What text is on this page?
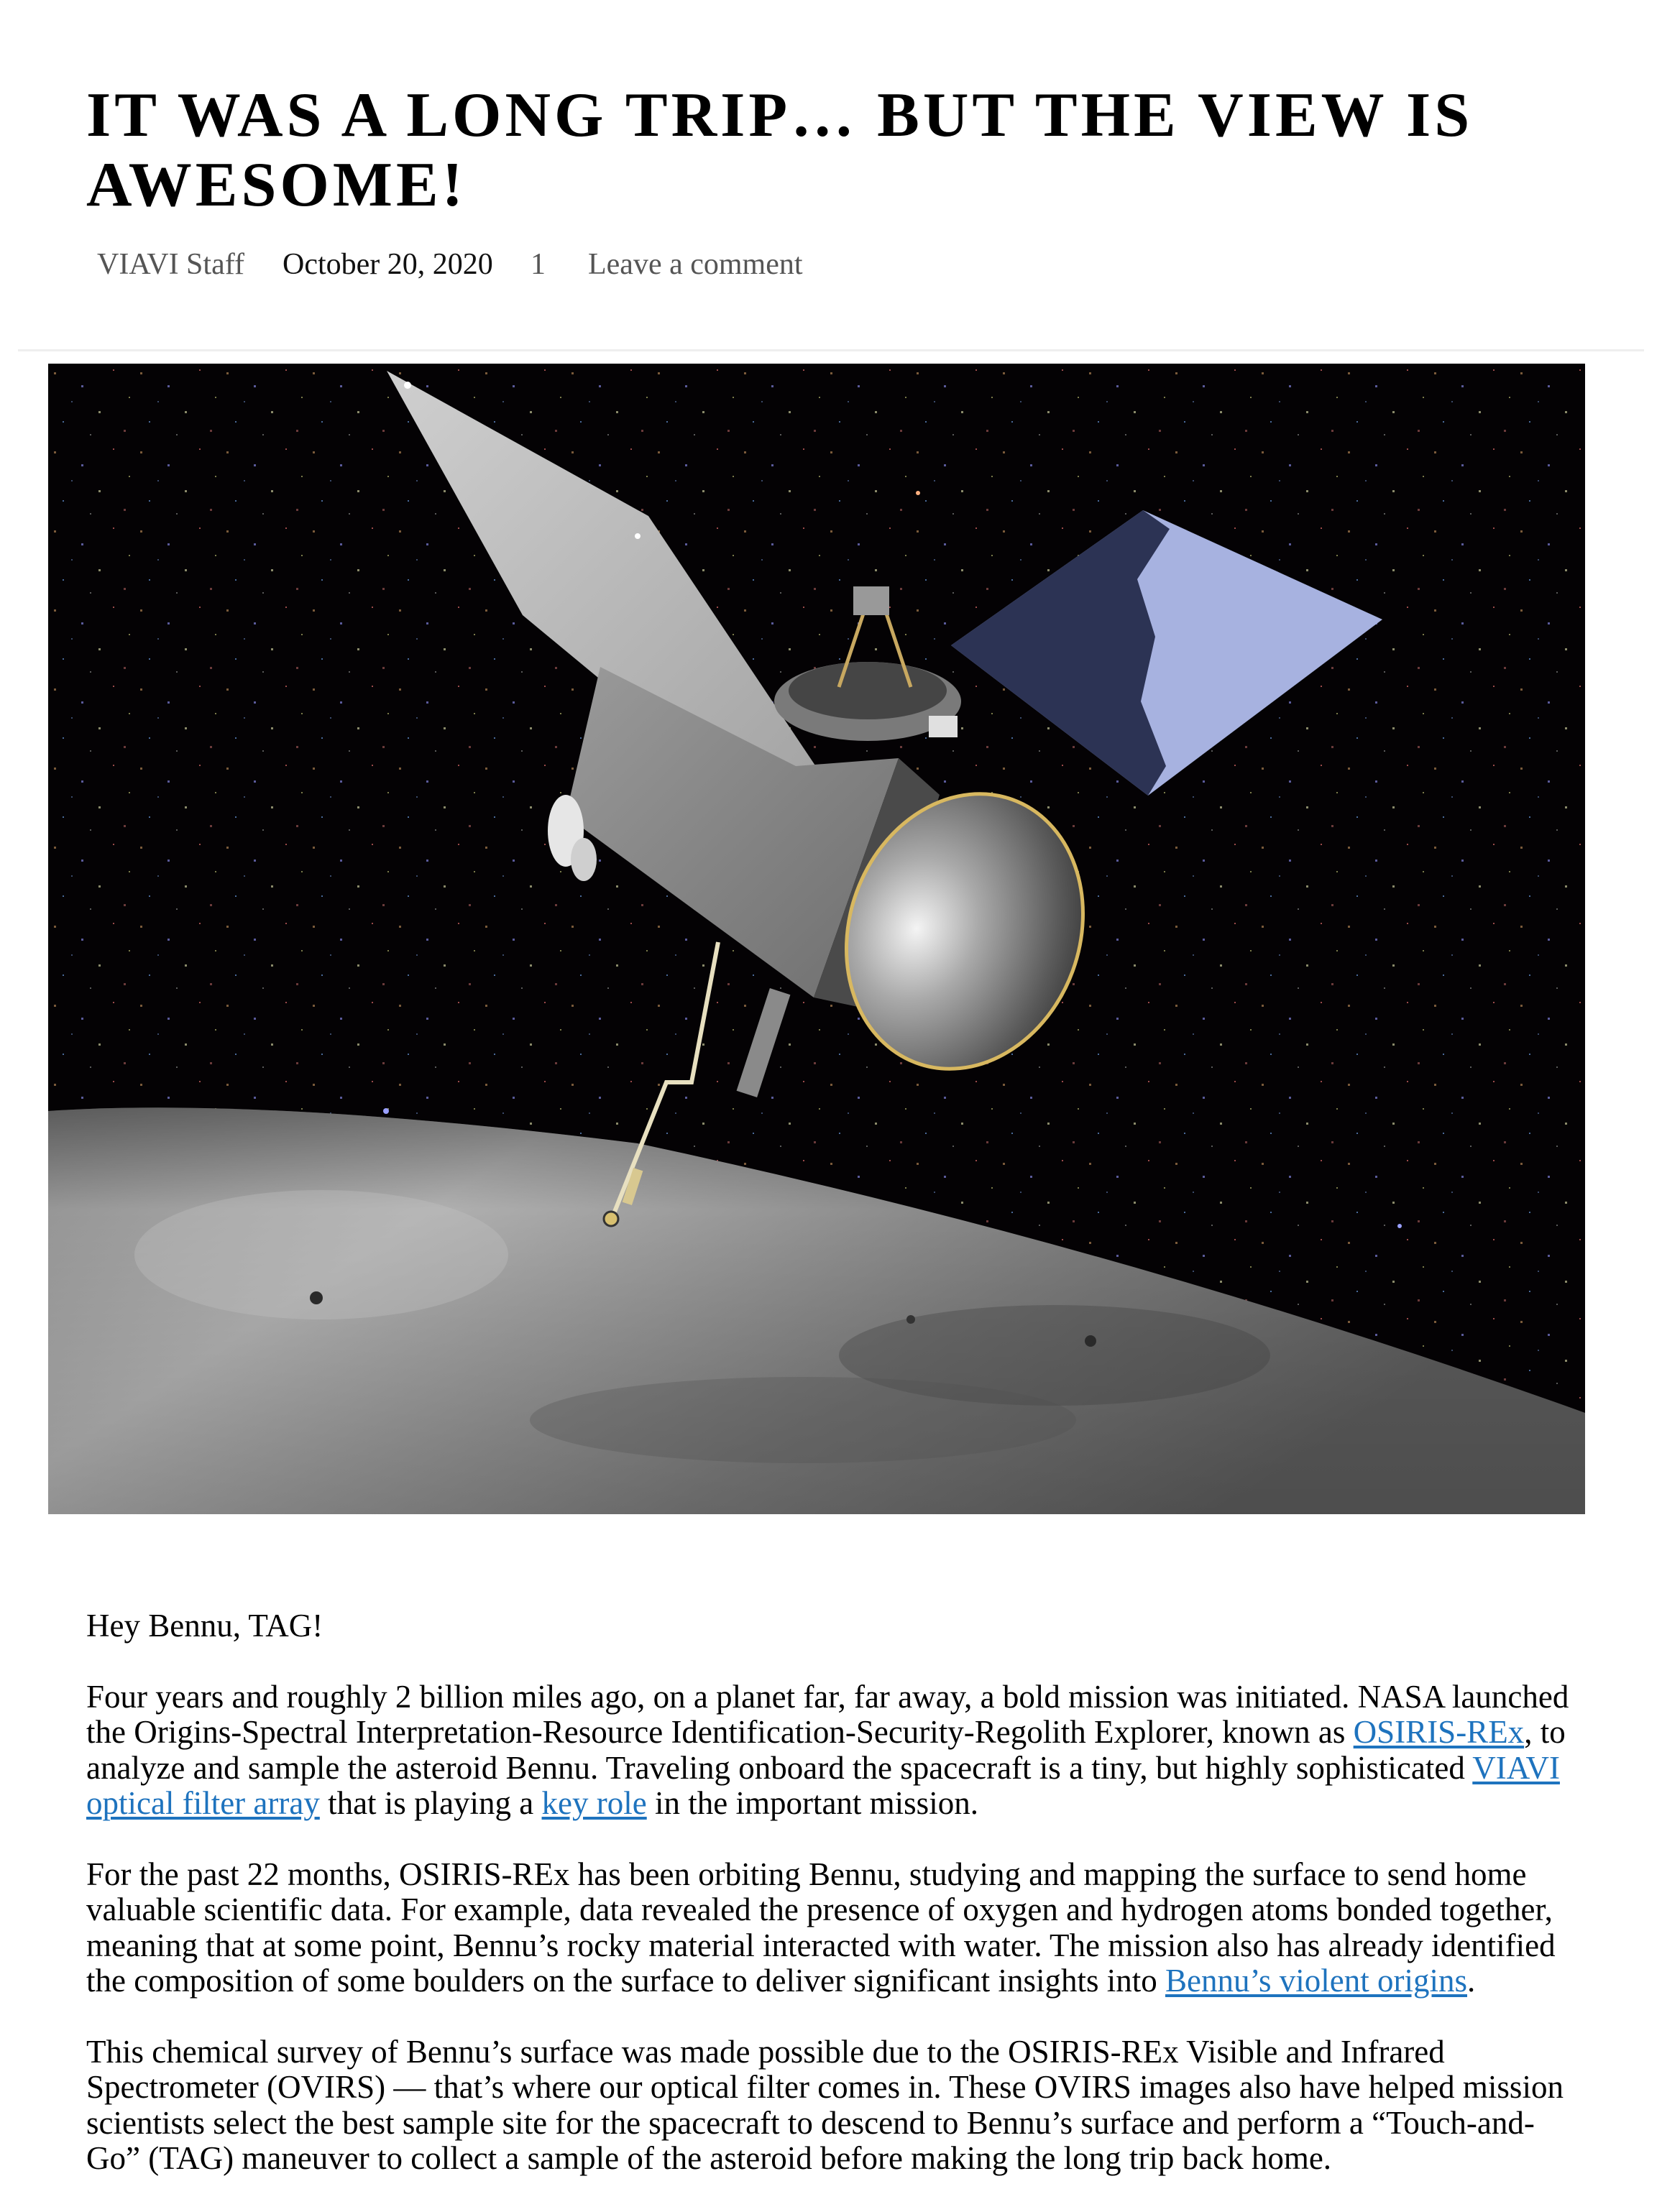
IT WAS A LONG TRIP… BUT THE VIEW IS AWESOME!
VIAVI Staff October 20, 2020 1 Leave a comment

Hey Bennu, TAG!

Four years and roughly 2 billion miles ago, on a planet far, far away, a bold mission was initiated. NASA launched the Origins-Spectral Interpretation-Resource Identification-Security-Regolith Explorer, known as OSIRIS-REx, to analyze and sample the asteroid Bennu. Traveling onboard the spacecraft is a tiny, but highly sophisticated VIAVI optical filter array that is playing a key role in the important mission.

For the past 22 months, OSIRIS-REx has been orbiting Bennu, studying and mapping the surface to send home valuable scientific data. For example, data revealed the presence of oxygen and hydrogen atoms bonded together, meaning that at some point, Bennu’s rocky material interacted with water. The mission also has already identified the composition of some boulders on the surface to deliver significant insights into Bennu’s violent origins.

This chemical survey of Bennu’s surface was made possible due to the OSIRIS-REx Visible and Infrared Spectrometer (OVIRS) — that’s where our optical filter comes in. These OVIRS images also have helped mission scientists select the best sample site for the spacecraft to descend to Bennu’s surface and perform a “Touch-and-Go” (TAG) maneuver to collect a sample of the asteroid before making the long trip back home.
